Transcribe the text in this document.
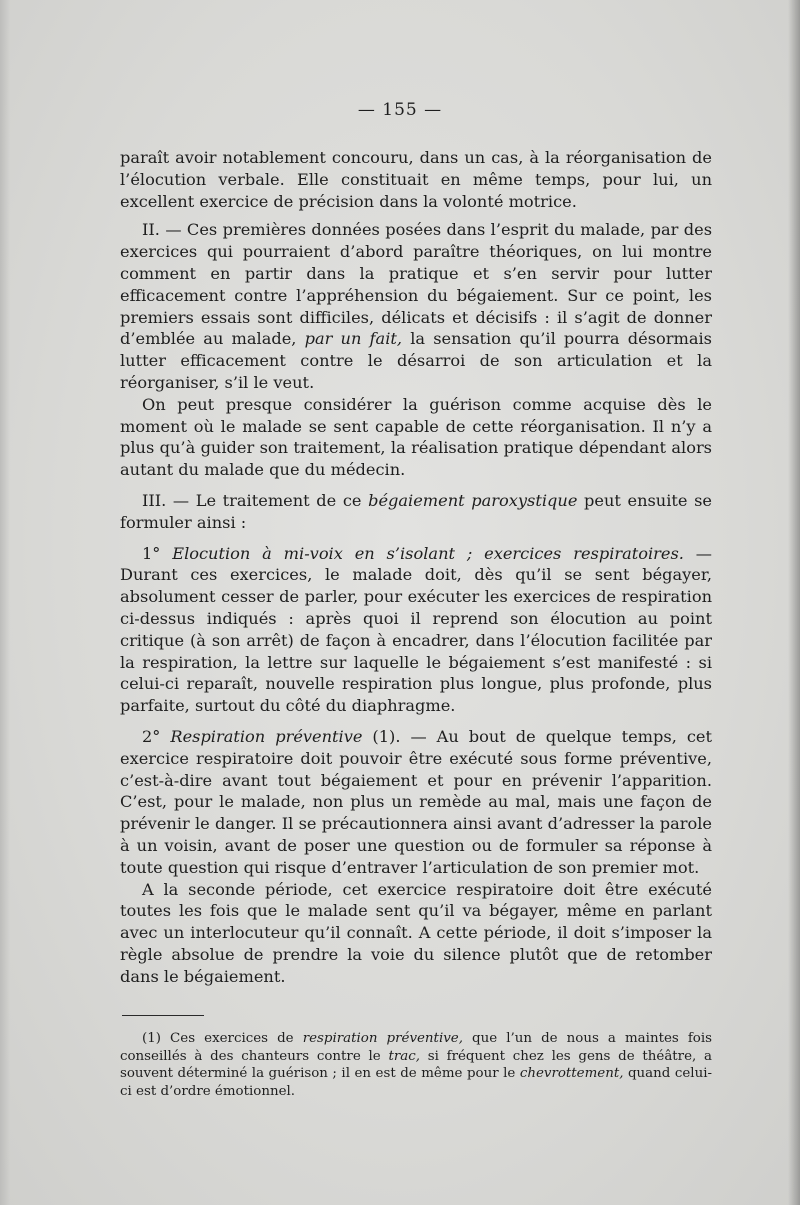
— 155 —

paraît avoir notablement concouru, dans un cas, à la réorganisation de l’élocution verbale. Elle constituait en même temps, pour lui, un excellent exercice de précision dans la volonté motrice.

II. — Ces premières données posées dans l’esprit du malade, par des exercices qui pourraient d’abord paraître théoriques, on lui montre comment en partir dans la pratique et s’en servir pour lutter efficacement contre l’appréhension du bégaiement. Sur ce point, les premiers essais sont difficiles, délicats et décisifs : il s’agit de donner d’emblée au malade, par un fait, la sensation qu’il pourra désormais lutter efficacement contre le désarroi de son articulation et la réorganiser, s’il le veut.

On peut presque considérer la guérison comme acquise dès le moment où le malade se sent capable de cette réorganisation. Il n’y a plus qu’à guider son traitement, la réalisation pratique dépendant alors autant du malade que du médecin.

III. — Le traitement de ce bégaiement paroxystique peut ensuite se formuler ainsi :

1° Elocution à mi-voix en s’isolant ; exercices respiratoires. — Durant ces exercices, le malade doit, dès qu’il se sent bégayer, absolument cesser de parler, pour exécuter les exercices de respiration ci-dessus indiqués : après quoi il reprend son élocution au point critique (à son arrêt) de façon à encadrer, dans l’élocution facilitée par la respiration, la lettre sur laquelle le bégaiement s’est manifesté : si celui-ci reparaît, nouvelle respiration plus longue, plus profonde, plus parfaite, surtout du côté du diaphragme.

2° Respiration préventive (1). — Au bout de quelque temps, cet exercice respiratoire doit pouvoir être exécuté sous forme préventive, c’est-à-dire avant tout bégaiement et pour en prévenir l’apparition. C’est, pour le malade, non plus un remède au mal, mais une façon de prévenir le danger. Il se précautionnera ainsi avant d’adresser la parole à un voisin, avant de poser une question ou de formuler sa réponse à toute question qui risque d’entraver l’articulation de son premier mot.

A la seconde période, cet exercice respiratoire doit être exécuté toutes les fois que le malade sent qu’il va bégayer, même en parlant avec un interlocuteur qu’il connaît. A cette période, il doit s’imposer la règle absolue de prendre la voie du silence plutôt que de retomber dans le bégaiement.

(1) Ces exercices de respiration préventive, que l’un de nous a maintes fois conseillés à des chanteurs contre le trac, si fréquent chez les gens de théâtre, a souvent déterminé la guérison ; il en est de même pour le chevrottement, quand celui-ci est d’ordre émotionnel.
